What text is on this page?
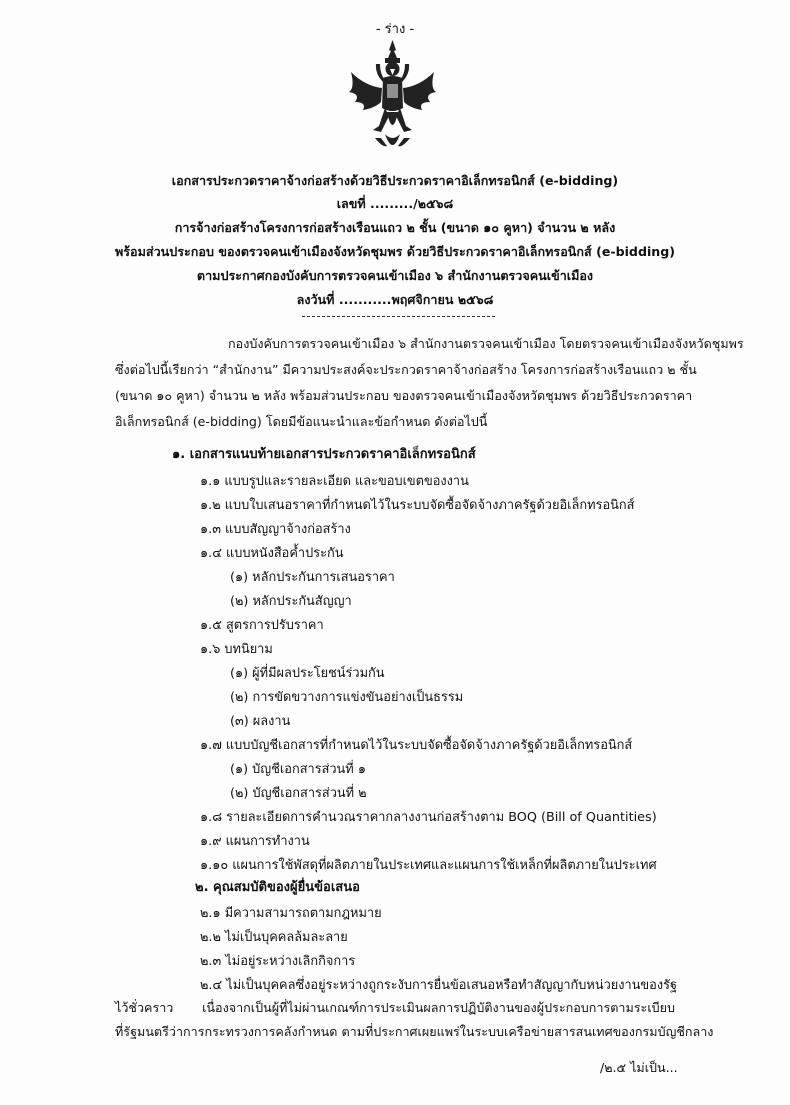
- ร่าง -
เอกสารประกวดราคาจ้างก่อสร้างด้วยวิธีประกวดราคาอิเล็กทรอนิกส์ (e-bidding)
เลขที่ ........./๒๕๖๘
การจ้างก่อสร้างโครงการก่อสร้างเรือนแถว ๒ ชั้น (ขนาด ๑๐ คูหา) จำนวน ๒ หลัง
พร้อมส่วนประกอบ ของตรวจคนเข้าเมืองจังหวัดชุมพร ด้วยวิธีประกวดราคาอิเล็กทรอนิกส์ (e-bidding)
ตามประกาศกองบังคับการตรวจคนเข้าเมือง ๖ สำนักงานตรวจคนเข้าเมือง
ลงวันที่ ...........พฤศจิกายน ๒๕๖๘
กองบังคับการตรวจคนเข้าเมือง ๖ สำนักงานตรวจคนเข้าเมือง โดยตรวจคนเข้าเมืองจังหวัดชุมพร
ซึ่งต่อไปนี้เรียกว่า “สำนักงาน” มีความประสงค์จะประกวดราคาจ้างก่อสร้าง โครงการก่อสร้างเรือนแถว ๒ ชั้น
(ขนาด ๑๐ คูหา) จำนวน ๒ หลัง พร้อมส่วนประกอบ ของตรวจคนเข้าเมืองจังหวัดชุมพร ด้วยวิธีประกวดราคา
อิเล็กทรอนิกส์ (e-bidding) โดยมีข้อแนะนำและข้อกำหนด ดังต่อไปนี้
๑. เอกสารแนบท้ายเอกสารประกวดราคาอิเล็กทรอนิกส์
๑.๑ แบบรูปและรายละเอียด และขอบเขตของงาน
๑.๒ แบบใบเสนอราคาที่กำหนดไว้ในระบบจัดซื้อจัดจ้างภาครัฐด้วยอิเล็กทรอนิกส์
๑.๓ แบบสัญญาจ้างก่อสร้าง
๑.๔ แบบหนังสือค้ำประกัน
(๑) หลักประกันการเสนอราคา
(๒) หลักประกันสัญญา
๑.๕ สูตรการปรับราคา
๑.๖ บทนิยาม
(๑) ผู้ที่มีผลประโยชน์ร่วมกัน
(๒) การขัดขวางการแข่งขันอย่างเป็นธรรม
(๓) ผลงาน
๑.๗ แบบบัญชีเอกสารที่กำหนดไว้ในระบบจัดซื้อจัดจ้างภาครัฐด้วยอิเล็กทรอนิกส์
(๑) บัญชีเอกสารส่วนที่ ๑
(๒) บัญชีเอกสารส่วนที่ ๒
๑.๘ รายละเอียดการคำนวณราคากลางงานก่อสร้างตาม BOQ (Bill of Quantities)
๑.๙ แผนการทำงาน
๑.๑๐ แผนการใช้พัสดุที่ผลิตภายในประเทศและแผนการใช้เหล็กที่ผลิตภายในประเทศ
๒. คุณสมบัติของผู้ยื่นข้อเสนอ
๒.๑ มีความสามารถตามกฎหมาย
๒.๒ ไม่เป็นบุคคลล้มละลาย
๒.๓ ไม่อยู่ระหว่างเลิกกิจการ
๒.๔ ไม่เป็นบุคคลซึ่งอยู่ระหว่างถูกระงับการยื่นข้อเสนอหรือทำสัญญากับหน่วยงานของรัฐ
ไว้ชั่วคราว เนื่องจากเป็นผู้ที่ไม่ผ่านเกณฑ์การประเมินผลการปฏิบัติงานของผู้ประกอบการตามระเบียบ
ที่รัฐมนตรีว่าการกระทรวงการคลังกำหนด ตามที่ประกาศเผยแพร่ในระบบเครือข่ายสารสนเทศของกรมบัญชีกลาง
/๒.๕ ไม่เป็น...
